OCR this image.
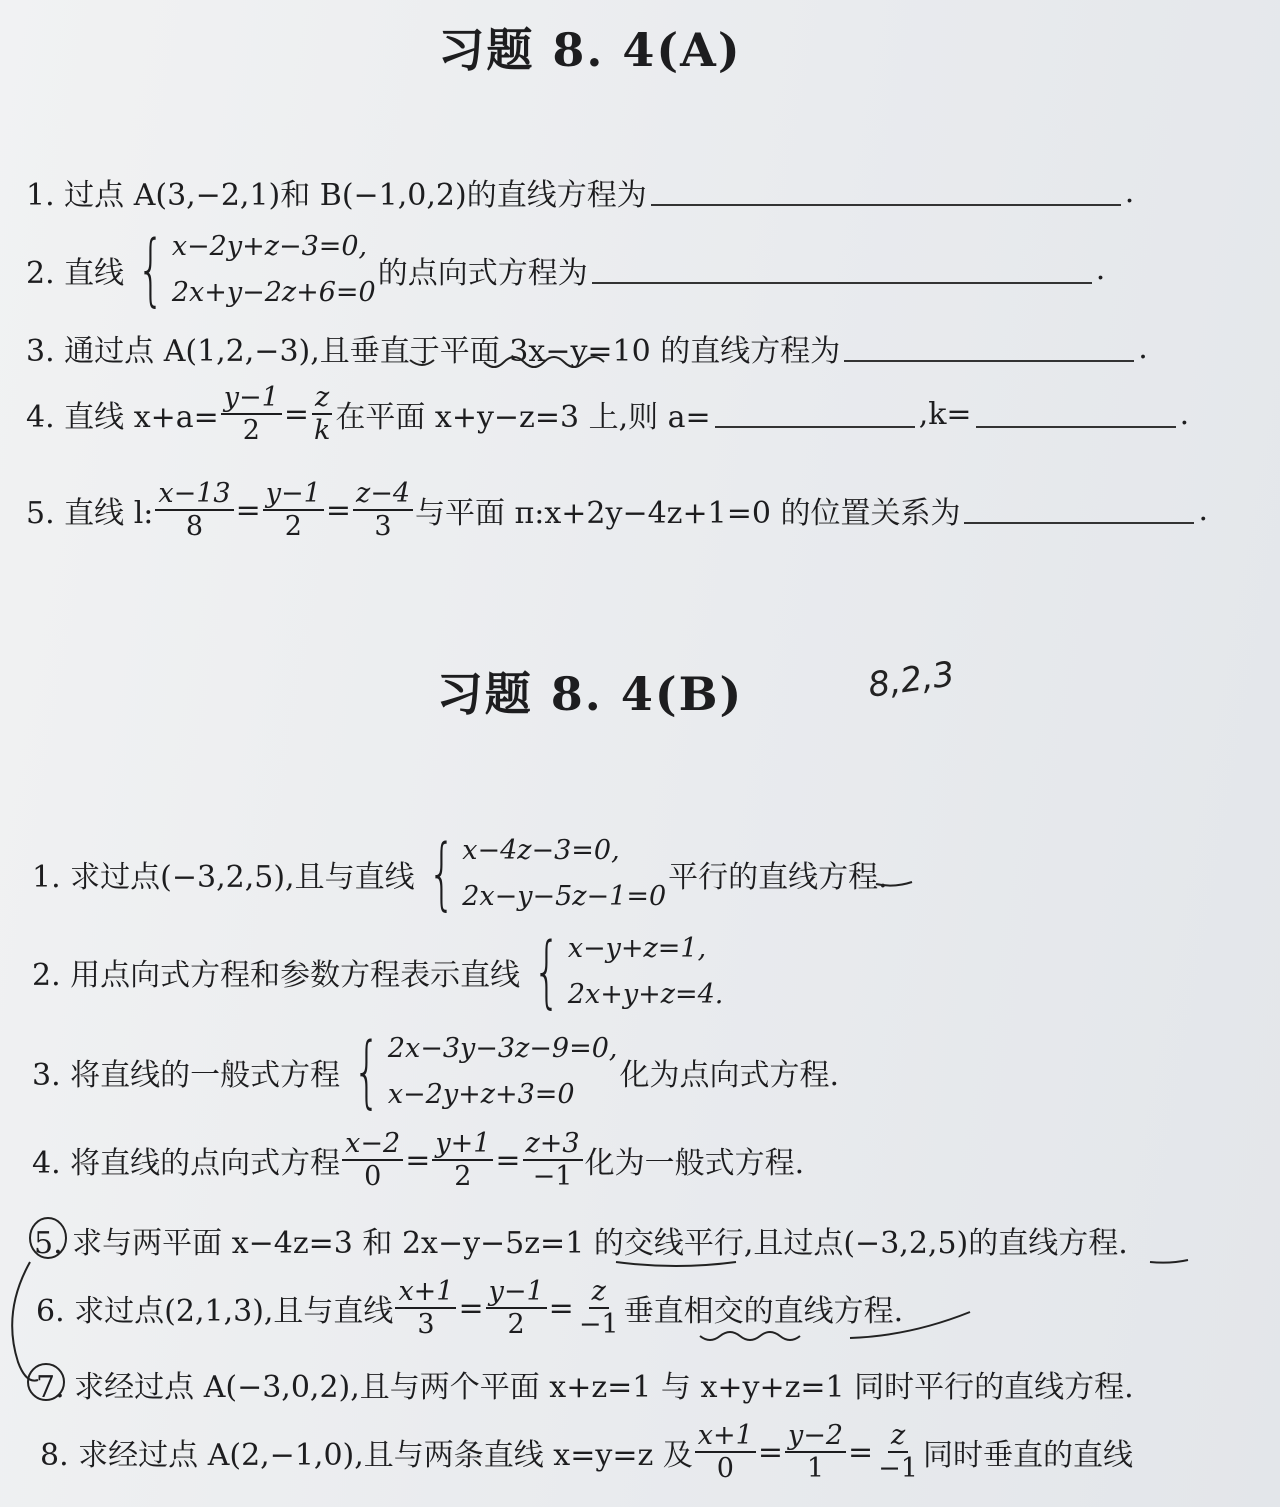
习题 8. 4(A)
1. 过点 A(3,−2,1)和 B(−1,0,2)的直线方程为	.
2. 直线 { x−2y+z−3=0,
2x+y−2z+6=0
的点向式方程为	.
3. 通过点 A(1,2,−3),且垂直于平面 3x−y=10 的直线方程为	.
4. 直线 $x+a= \frac{y-1}{2} = \frac{z}{k}$ 在平面 x+y−z=3 上,则 a=	,k=	.
5. 直线 l: $\frac{x-13}{8} = \frac{y-1}{2} = \frac{z-4}{3}$ 与平面 π:x+2y−4z+1=0 的位置关系为	.
习题 8. 4(B)	8,2,3
1. 求过点(−3,2,5),且与直线 { x−4z−3=0,
2x−y−5z−1=0
平行的直线方程.
2. 用点向式方程和参数方程表示直线 { x−y+z=1,
2x+y+z=4.
3. 将直线的一般式方程 { 2x−3y−3z−9=0,
x−2y+z+3=0
化为点向式方程.
4. 将直线的点向式方程 $\frac{x-2}{0} = \frac{y+1}{2} = \frac{z+3}{-1}$ 化为一般式方程.
5. 求与两平面 x−4z=3 和 2x−y−5z=1 的交线平行,且过点(−3,2,5)的直线方程.
6. 求过点(2,1,3),且与直线 $\frac{x+1}{3} = \frac{y-1}{2} = \frac{z}{-1}$ 垂直相交的直线方程.
7. 求经过点 A(−3,0,2),且与两个平面 x+z=1 与 x+y+z=1 同时平行的直线方程.
8. 求经过点 A(2,−1,0),且与两条直线 x=y=z 及 $\frac{x+1}{0} = \frac{y-2}{1} = \frac{z}{-1}$ 同时垂直的直线
